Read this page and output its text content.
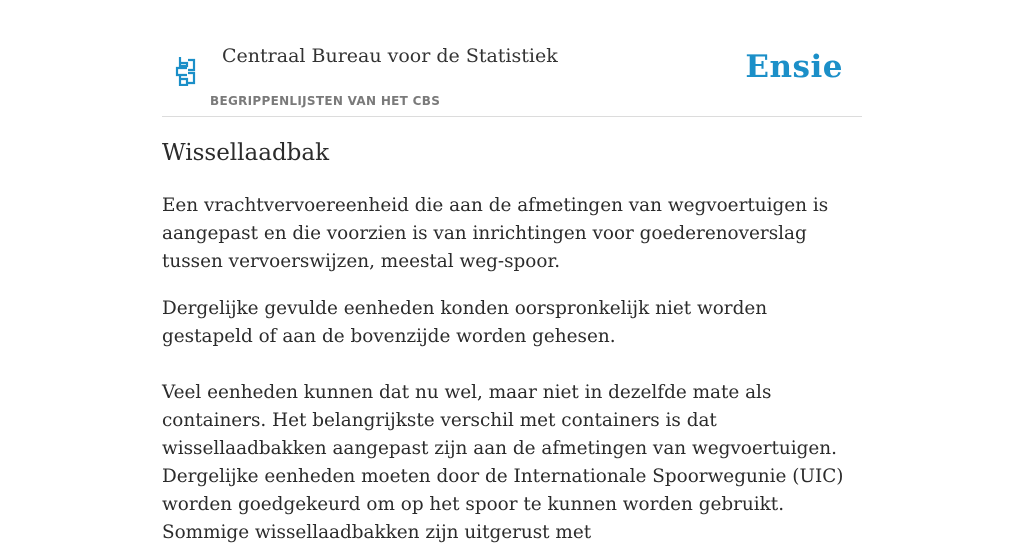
Centraal Bureau voor de Statistiek
BEGRIPPENLIJSTEN VAN HET CBS
Ensie
Wissellaadbak

Een vrachtvervoereenheid die aan de afmetingen van wegvoertuigen is aangepast en die voorzien is van inrichtingen voor goederenoverslag tussen vervoerswijzen, meestal weg-spoor.

Dergelijke gevulde eenheden konden oorspronkelijk niet worden gestapeld of aan de bovenzijde worden gehesen.

Veel eenheden kunnen dat nu wel, maar niet in dezelfde mate als containers. Het belangrijkste verschil met containers is dat wissellaadbakken aangepast zijn aan de afmetingen van wegvoertuigen. Dergelijke eenheden moeten door de Internationale Spoorwegunie (UIC) worden goedgekeurd om op het spoor te kunnen worden gebruikt. Sommige wissellaadbakken zijn uitgerust met
